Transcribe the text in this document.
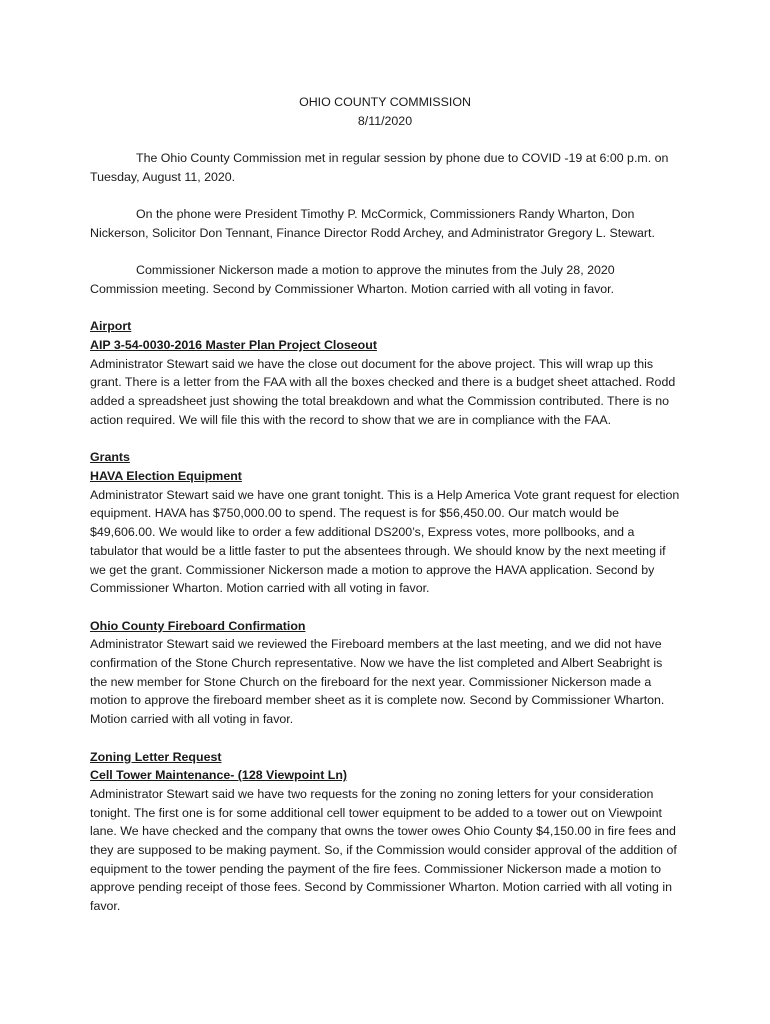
OHIO COUNTY COMMISSION

8/11/2020

The Ohio County Commission met in regular session by phone due to COVID -19 at 6:00 p.m. on Tuesday, August 11, 2020.

On the phone were President Timothy P. McCormick, Commissioners Randy Wharton, Don Nickerson, Solicitor Don Tennant, Finance Director Rodd Archey, and Administrator Gregory L. Stewart.

Commissioner Nickerson made a motion to approve the minutes from the July 28, 2020 Commission meeting. Second by Commissioner Wharton. Motion carried with all voting in favor.

Airport
AIP 3-54-0030-2016 Master Plan Project Closeout

Administrator Stewart said we have the close out document for the above project. This will wrap up this grant. There is a letter from the FAA with all the boxes checked and there is a budget sheet attached. Rodd added a spreadsheet just showing the total breakdown and what the Commission contributed. There is no action required. We will file this with the record to show that we are in compliance with the FAA.

Grants
HAVA Election Equipment

Administrator Stewart said we have one grant tonight. This is a Help America Vote grant request for election equipment. HAVA has $750,000.00 to spend. The request is for $56,450.00. Our match would be $49,606.00. We would like to order a few additional DS200’s, Express votes, more pollbooks, and a tabulator that would be a little faster to put the absentees through. We should know by the next meeting if we get the grant. Commissioner Nickerson made a motion to approve the HAVA application. Second by Commissioner Wharton. Motion carried with all voting in favor.

Ohio County Fireboard Confirmation

Administrator Stewart said we reviewed the Fireboard members at the last meeting, and we did not have confirmation of the Stone Church representative. Now we have the list completed and Albert Seabright is the new member for Stone Church on the fireboard for the next year. Commissioner Nickerson made a motion to approve the fireboard member sheet as it is complete now. Second by Commissioner Wharton. Motion carried with all voting in favor.

Zoning Letter Request
Cell Tower Maintenance- (128 Viewpoint Ln)

Administrator Stewart said we have two requests for the zoning no zoning letters for your consideration tonight. The first one is for some additional cell tower equipment to be added to a tower out on Viewpoint lane. We have checked and the company that owns the tower owes Ohio County $4,150.00 in fire fees and they are supposed to be making payment. So, if the Commission would consider approval of the addition of equipment to the tower pending the payment of the fire fees. Commissioner Nickerson made a motion to approve pending receipt of those fees. Second by Commissioner Wharton. Motion carried with all voting in favor.
